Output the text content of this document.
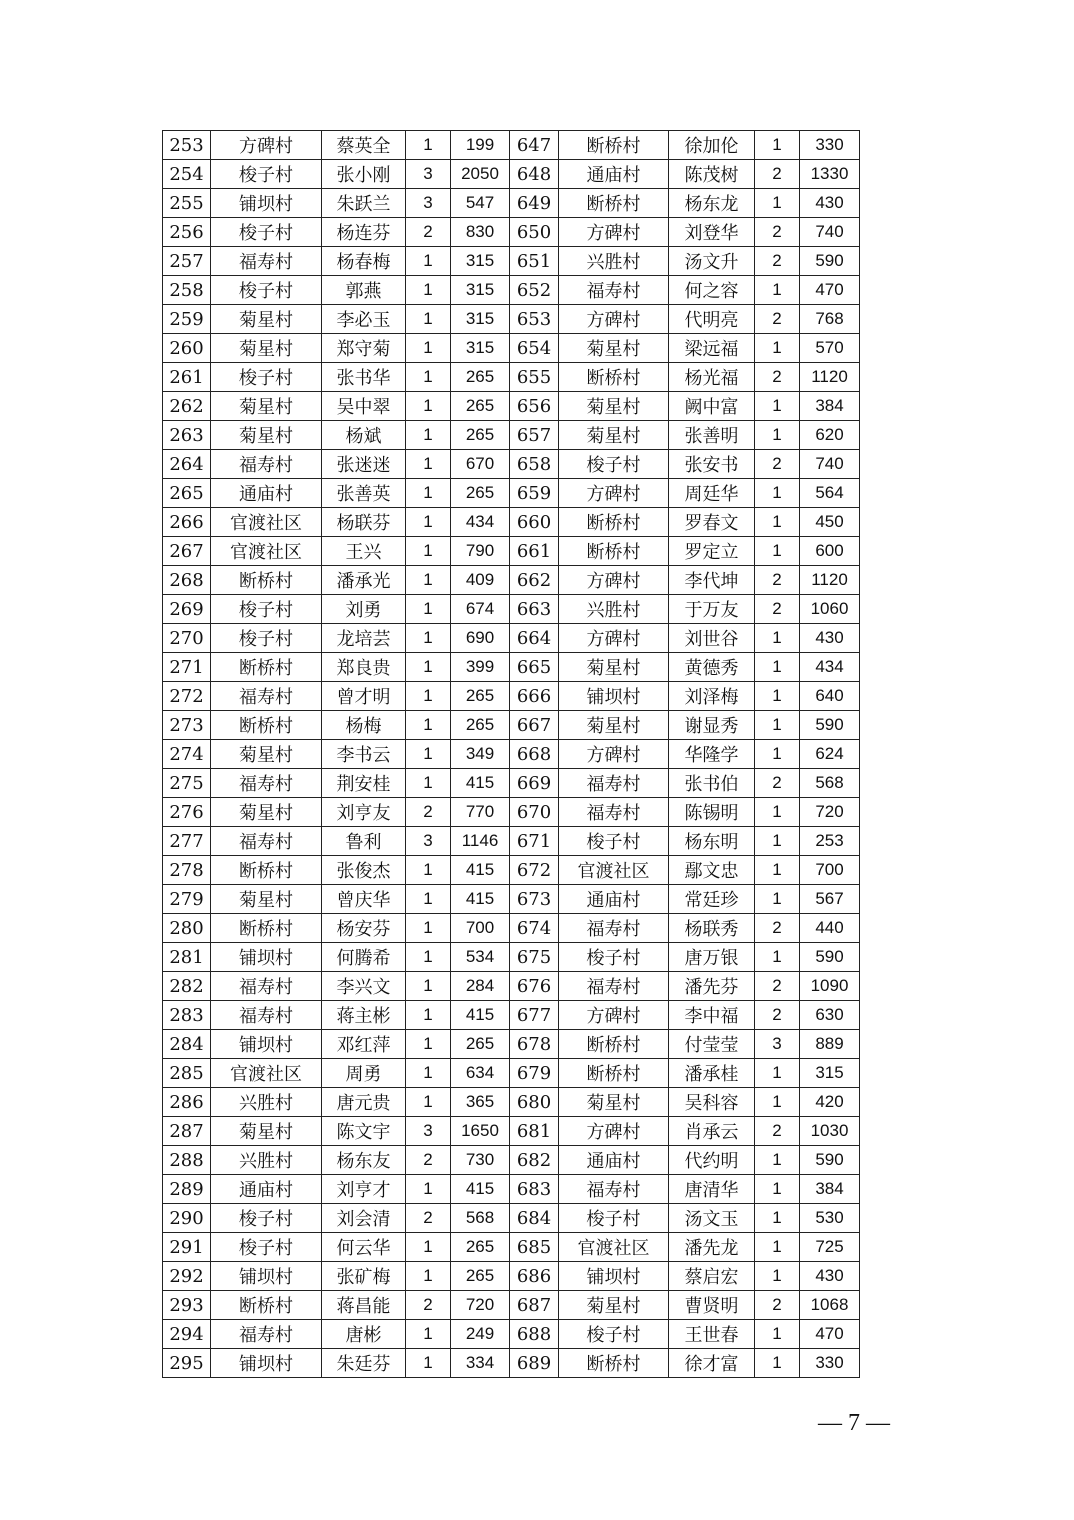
253	方碑村	蔡英全	1	199	647	断桥村	徐加伦	1	330
254	梭子村	张小刚	3	2050	648	通庙村	陈茂树	2	1330
255	铺坝村	朱跃兰	3	547	649	断桥村	杨东龙	1	430
256	梭子村	杨连芬	2	830	650	方碑村	刘登华	2	740
257	福寿村	杨春梅	1	315	651	兴胜村	汤文升	2	590
258	梭子村	郭燕	1	315	652	福寿村	何之容	1	470
259	菊星村	李必玉	1	315	653	方碑村	代明亮	2	768
260	菊星村	郑守菊	1	315	654	菊星村	梁远福	1	570
261	梭子村	张书华	1	265	655	断桥村	杨光福	2	1120
262	菊星村	吴中翠	1	265	656	菊星村	阙中富	1	384
263	菊星村	杨斌	1	265	657	菊星村	张善明	1	620
264	福寿村	张迷迷	1	670	658	梭子村	张安书	2	740
265	通庙村	张善英	1	265	659	方碑村	周廷华	1	564
266	官渡社区	杨联芬	1	434	660	断桥村	罗春文	1	450
267	官渡社区	王兴	1	790	661	断桥村	罗定立	1	600
268	断桥村	潘承光	1	409	662	方碑村	李代坤	2	1120
269	梭子村	刘勇	1	674	663	兴胜村	于万友	2	1060
270	梭子村	龙培芸	1	690	664	方碑村	刘世谷	1	430
271	断桥村	郑良贵	1	399	665	菊星村	黄德秀	1	434
272	福寿村	曾才明	1	265	666	铺坝村	刘泽梅	1	640
273	断桥村	杨梅	1	265	667	菊星村	谢显秀	1	590
274	菊星村	李书云	1	349	668	方碑村	华隆学	1	624
275	福寿村	荆安桂	1	415	669	福寿村	张书伯	2	568
276	菊星村	刘亨友	2	770	670	福寿村	陈锡明	1	720
277	福寿村	鲁利	3	1146	671	梭子村	杨东明	1	253
278	断桥村	张俊杰	1	415	672	官渡社区	鄢文忠	1	700
279	菊星村	曾庆华	1	415	673	通庙村	常廷珍	1	567
280	断桥村	杨安芬	1	700	674	福寿村	杨联秀	2	440
281	铺坝村	何腾希	1	534	675	梭子村	唐万银	1	590
282	福寿村	李兴文	1	284	676	福寿村	潘先芬	2	1090
283	福寿村	蒋主彬	1	415	677	方碑村	李中福	2	630
284	铺坝村	邓红萍	1	265	678	断桥村	付莹莹	3	889
285	官渡社区	周勇	1	634	679	断桥村	潘承桂	1	315
286	兴胜村	唐元贵	1	365	680	菊星村	吴科容	1	420
287	菊星村	陈文宇	3	1650	681	方碑村	肖承云	2	1030
288	兴胜村	杨东友	2	730	682	通庙村	代约明	1	590
289	通庙村	刘亨才	1	415	683	福寿村	唐清华	1	384
290	梭子村	刘会清	2	568	684	梭子村	汤文玉	1	530
291	梭子村	何云华	1	265	685	官渡社区	潘先龙	1	725
292	铺坝村	张矿梅	1	265	686	铺坝村	蔡启宏	1	430
293	断桥村	蒋昌能	2	720	687	菊星村	曹贤明	2	1068
294	福寿村	唐彬	1	249	688	梭子村	王世春	1	470
295	铺坝村	朱廷芬	1	334	689	断桥村	徐才富	1	330
— 7 —
